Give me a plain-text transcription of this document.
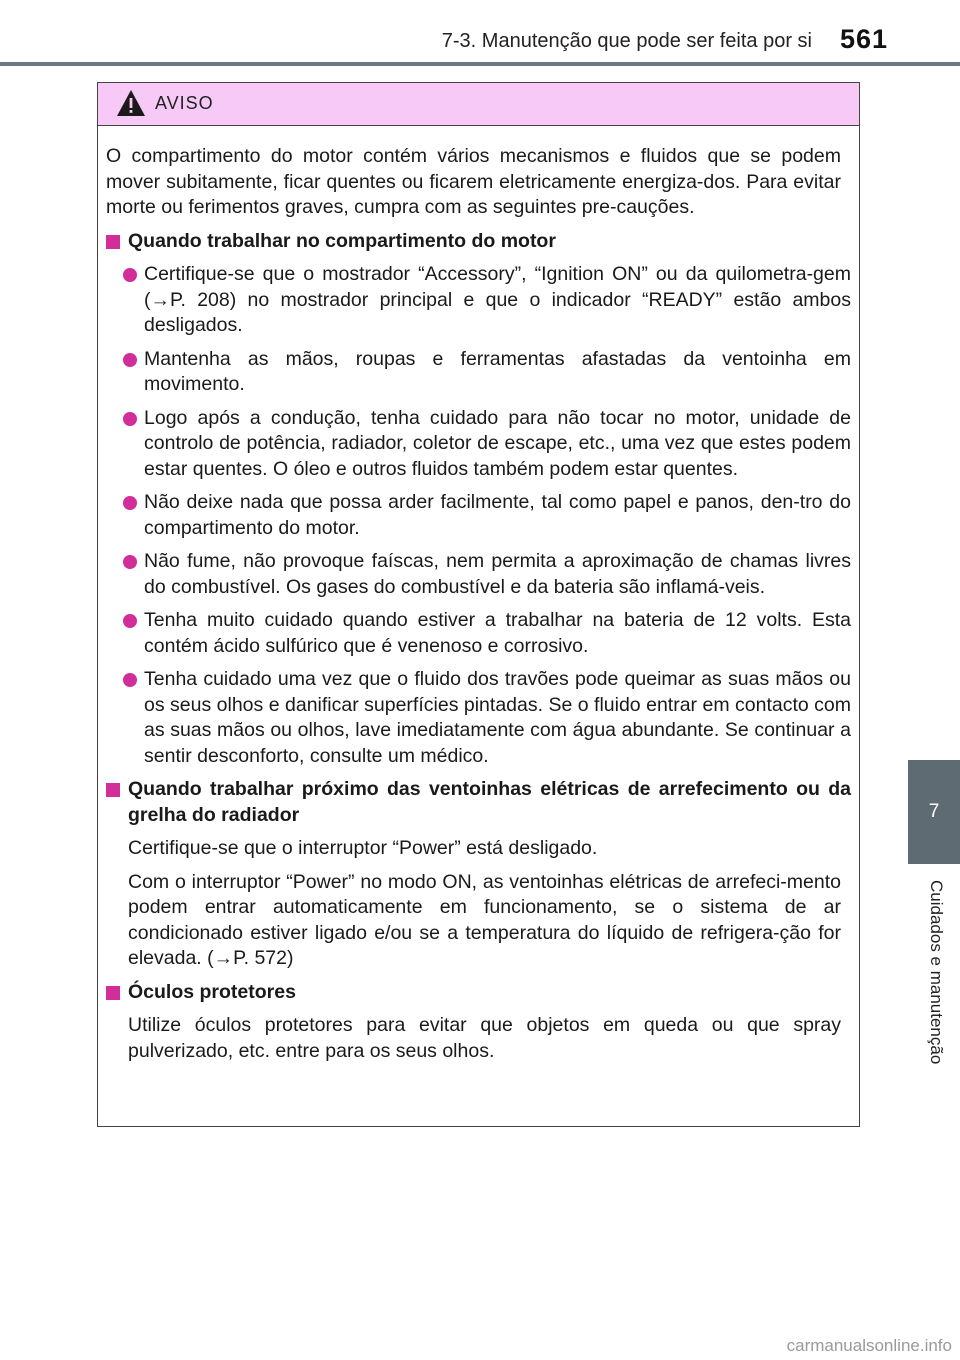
7-3. Manutenção que pode ser feita por si 561
7
Cuidados e manutenção
AVISO

O compartimento do motor contém vários mecanismos e fluidos que se podem mover subitamente, ficar quentes ou ficarem eletricamente energiza-dos. Para evitar morte ou ferimentos graves, cumpra com as seguintes pre-cauções.

Quando trabalhar no compartimento do motor

Certifique-se que o mostrador “Accessory”, “Ignition ON” ou da quilometra-gem (→P. 208) no mostrador principal e que o indicador “READY” estão ambos desligados.

Mantenha as mãos, roupas e ferramentas afastadas da ventoinha em movimento.

Logo após a condução, tenha cuidado para não tocar no motor, unidade de controlo de potência, radiador, coletor de escape, etc., uma vez que estes podem estar quentes. O óleo e outros fluidos também podem estar quentes.

Não deixe nada que possa arder facilmente, tal como papel e panos, den-tro do compartimento do motor.

Não fume, não provoque faíscas, nem permita a aproximação de chamas livres do combustível. Os gases do combustível e da bateria são inflamá-veis.

Tenha muito cuidado quando estiver a trabalhar na bateria de 12 volts. Esta contém ácido sulfúrico que é venenoso e corrosivo.

Tenha cuidado uma vez que o fluido dos travões pode queimar as suas mãos ou os seus olhos e danificar superfícies pintadas. Se o fluido entrar em contacto com as suas mãos ou olhos, lave imediatamente com água abundante. Se continuar a sentir desconforto, consulte um médico.

Quando trabalhar próximo das ventoinhas elétricas de arrefecimento ou da grelha do radiador

Certifique-se que o interruptor “Power” está desligado.

Com o interruptor “Power” no modo ON, as ventoinhas elétricas de arrefeci-mento podem entrar automaticamente em funcionamento, se o sistema de ar condicionado estiver ligado e/ou se a temperatura do líquido de refrigera-ção for elevada. (→P. 572)

Óculos protetores

Utilize óculos protetores para evitar que objetos em queda ou que spray pulverizado, etc. entre para os seus olhos.

carmanualsonline.info
